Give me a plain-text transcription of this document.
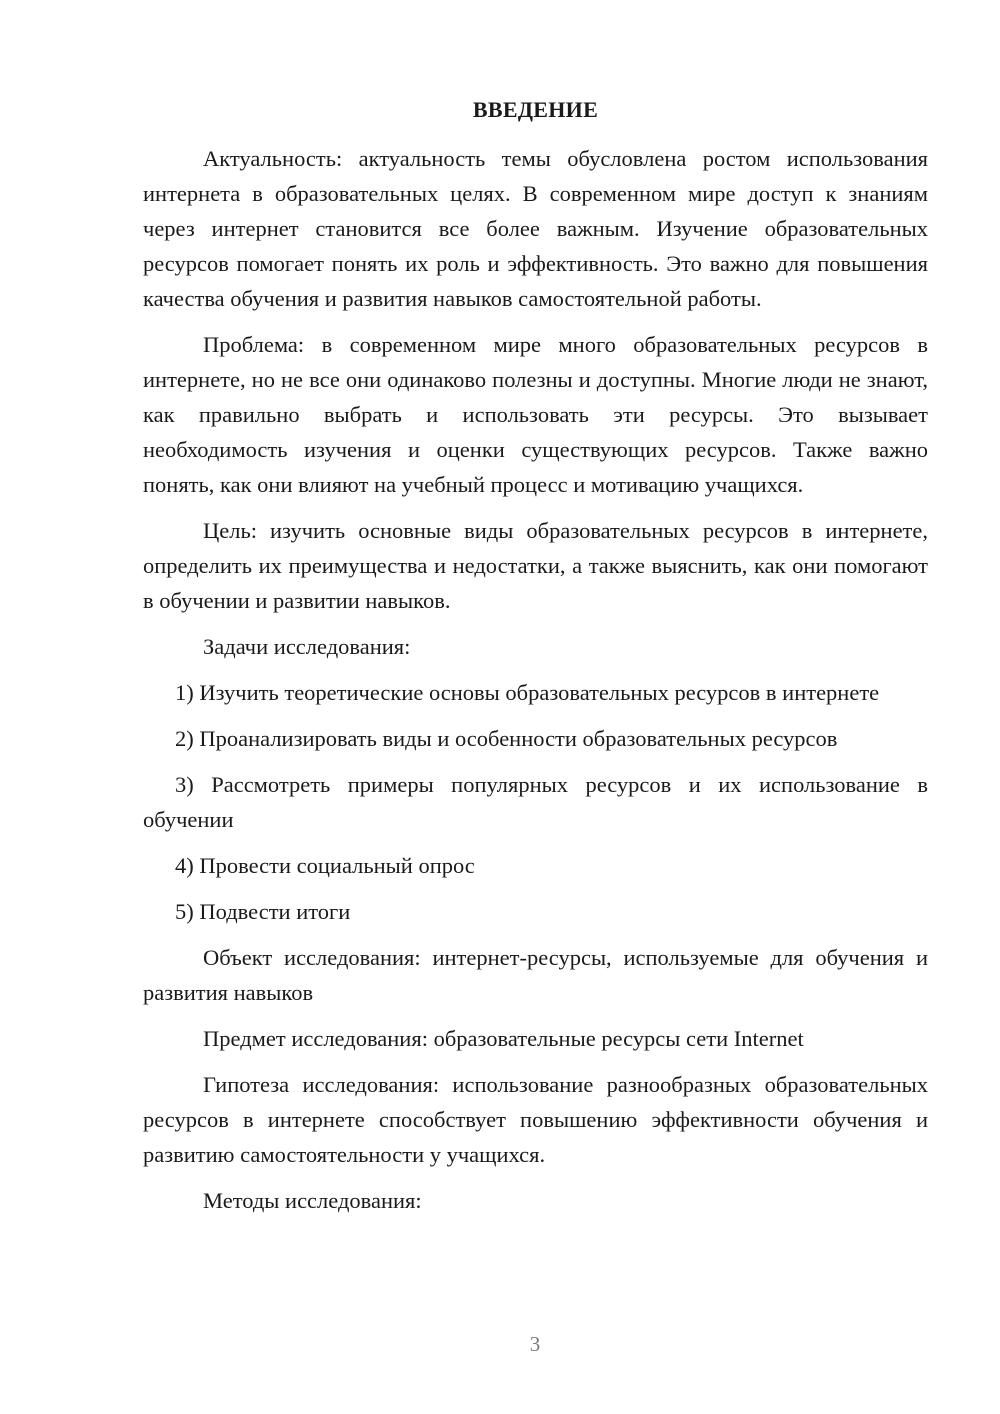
ВВЕДЕНИЕ

Актуальность: актуальность темы обусловлена ростом использования интернета в образовательных целях. В современном мире доступ к знаниям через интернет становится все более важным. Изучение образовательных ресурсов помогает понять их роль и эффективность. Это важно для повышения качества обучения и развития навыков самостоятельной работы.

Проблема: в современном мире много образовательных ресурсов в интернете, но не все они одинаково полезны и доступны. Многие люди не знают, как правильно выбрать и использовать эти ресурсы. Это вызывает необходимость изучения и оценки существующих ресурсов. Также важно понять, как они влияют на учебный процесс и мотивацию учащихся.

Цель: изучить основные виды образовательных ресурсов в интернете, определить их преимущества и недостатки, а также выяснить, как они помогают в обучении и развитии навыков.

Задачи исследования:

1) Изучить теоретические основы образовательных ресурсов в интернете

2) Проанализировать виды и особенности образовательных ресурсов

3) Рассмотреть примеры популярных ресурсов и их использование в обучении

4) Провести социальный опрос

5) Подвести итоги

Объект исследования: интернет-ресурсы, используемые для обучения и развития навыков

Предмет исследования: образовательные ресурсы сети Internet

Гипотеза исследования: использование разнообразных образовательных ресурсов в интернете способствует повышению эффективности обучения и развитию самостоятельности у учащихся.

Методы исследования:

3
